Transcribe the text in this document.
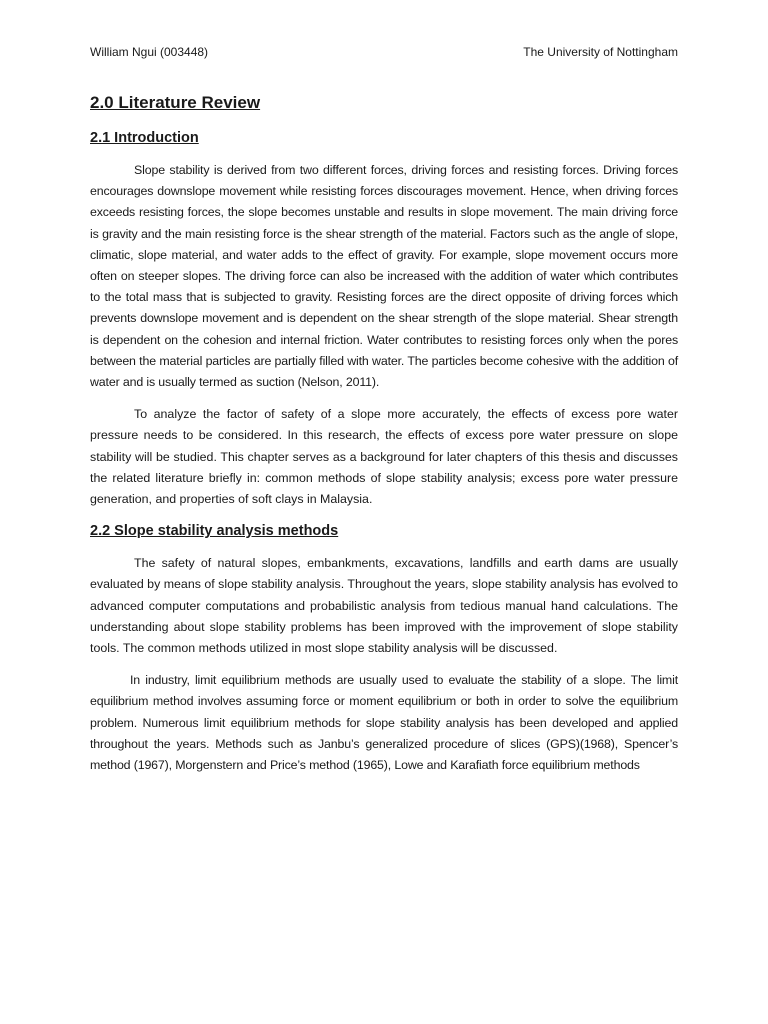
William Ngui (003448)	The University of Nottingham
2.0 Literature Review
2.1 Introduction

Slope stability is derived from two different forces, driving forces and resisting forces. Driving forces encourages downslope movement while resisting forces discourages movement. Hence, when driving forces exceeds resisting forces, the slope becomes unstable and results in slope movement. The main driving force is gravity and the main resisting force is the shear strength of the material. Factors such as the angle of slope, climatic, slope material, and water adds to the effect of gravity. For example, slope movement occurs more often on steeper slopes. The driving force can also be increased with the addition of water which contributes to the total mass that is subjected to gravity. Resisting forces are the direct opposite of driving forces which prevents downslope movement and is dependent on the shear strength of the slope material. Shear strength is dependent on the cohesion and internal friction. Water contributes to resisting forces only when the pores between the material particles are partially filled with water. The particles become cohesive with the addition of water and is usually termed as suction (Nelson, 2011).

To analyze the factor of safety of a slope more accurately, the effects of excess pore water pressure needs to be considered. In this research, the effects of excess pore water pressure on slope stability will be studied. This chapter serves as a background for later chapters of this thesis and discusses the related literature briefly in: common methods of slope stability analysis; excess pore water pressure generation, and properties of soft clays in Malaysia.

2.2 Slope stability analysis methods

The safety of natural slopes, embankments, excavations, landfills and earth dams are usually evaluated by means of slope stability analysis. Throughout the years, slope stability analysis has evolved to advanced computer computations and probabilistic analysis from tedious manual hand calculations. The understanding about slope stability problems has been improved with the improvement of slope stability tools. The common methods utilized in most slope stability analysis will be discussed.

In industry, limit equilibrium methods are usually used to evaluate the stability of a slope. The limit equilibrium method involves assuming force or moment equilibrium or both in order to solve the equilibrium problem. Numerous limit equilibrium methods for slope stability analysis has been developed and applied throughout the years. Methods such as Janbu’s generalized procedure of slices (GPS)(1968), Spencer’s method (1967), Morgenstern and Price’s method (1965), Lowe and Karafiath force equilibrium methods
